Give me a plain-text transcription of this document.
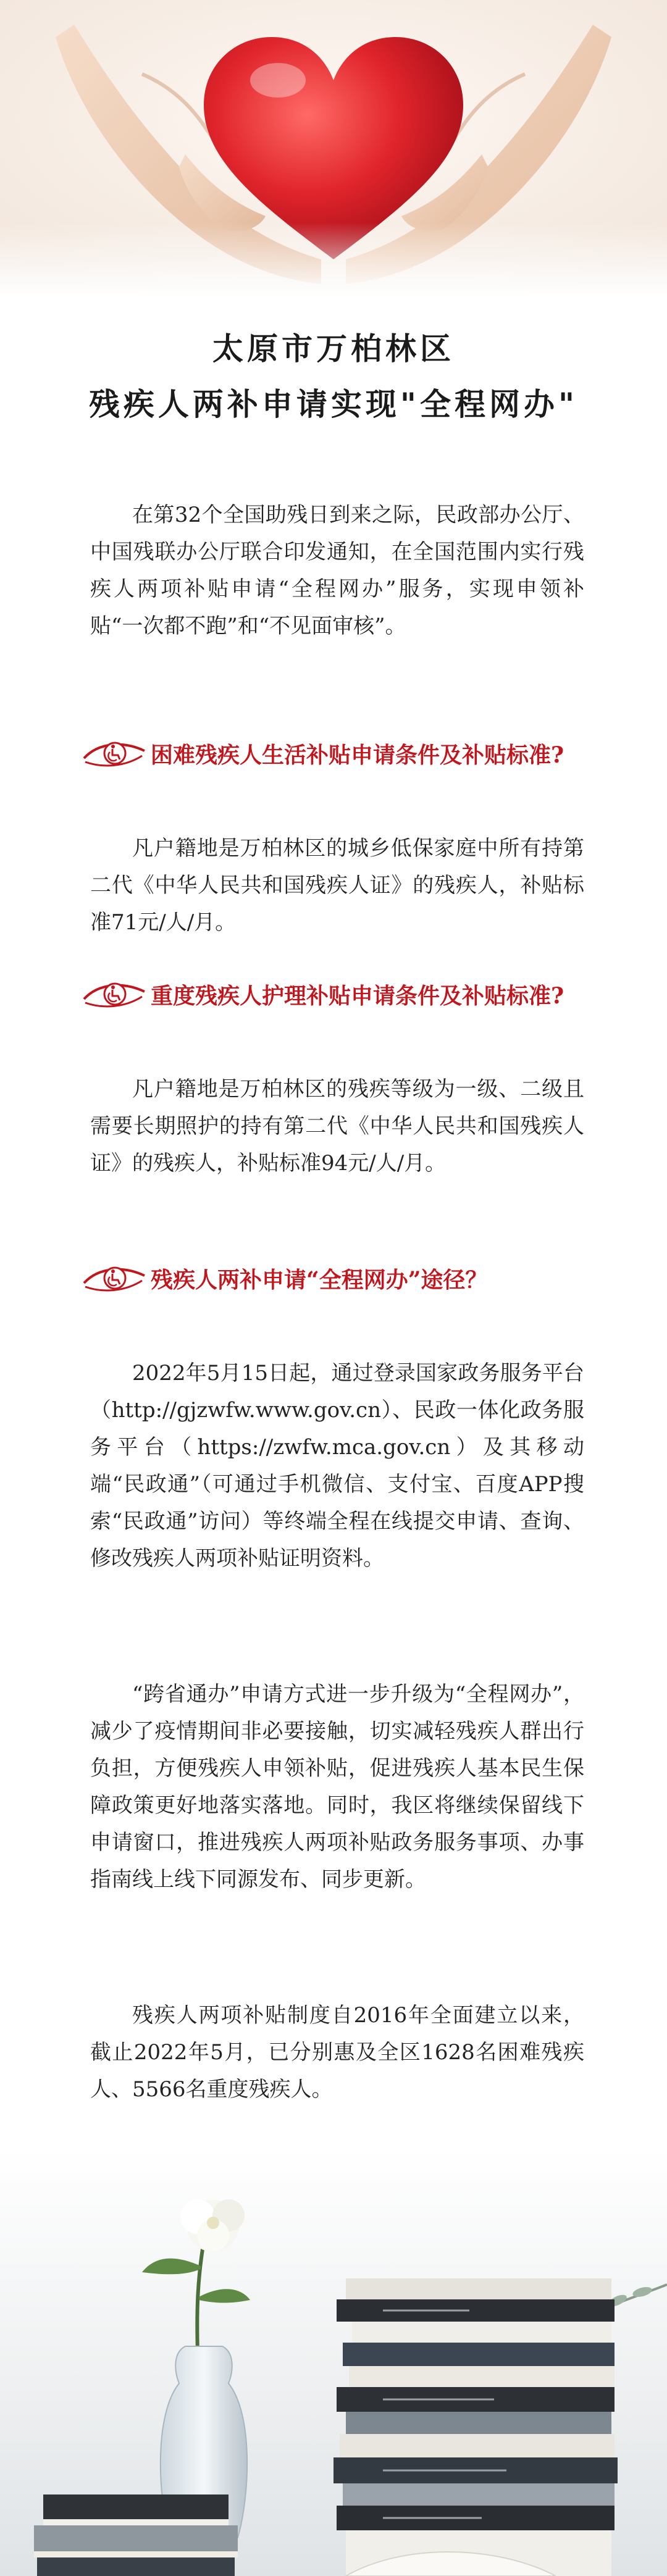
太原市万柏林区
残疾人两补申请实现"全程网办"

在第32个全国助残日到来之际，民政部办公厅、中国残联办公厅联合印发通知，在全国范围内实行残疾人两项补贴申请“全程网办”服务，实现申领补贴“一次都不跑”和“不见面审核”。

困难残疾人生活补贴申请条件及补贴标准?

凡户籍地是万柏林区的城乡低保家庭中所有持第二代《中华人民共和国残疾人证》的残疾人，补贴标准71元/人/月。

重度残疾人护理补贴申请条件及补贴标准?

凡户籍地是万柏林区的残疾等级为一级、二级且需要长期照护的持有第二代《中华人民共和国残疾人证》的残疾人，补贴标准94元/人/月。

残疾人两补申请“全程网办”途径？

2022年5月15日起，通过登录国家政务服务平台（http://gjzwfw.www.gov.cn）、民政一体化政务服务平台（https://zwfw.mca.gov.cn）及其移动端“民政通”（可通过手机微信、支付宝、百度APP搜索“民政通”访问）等终端全程在线提交申请、查询、修改残疾人两项补贴证明资料。

“跨省通办”申请方式进一步升级为“全程网办”，减少了疫情期间非必要接触，切实减轻残疾人群出行负担，方便残疾人申领补贴，促进残疾人基本民生保障政策更好地落实落地。同时，我区将继续保留线下申请窗口，推进残疾人两项补贴政务服务事项、办事指南线上线下同源发布、同步更新。

残疾人两项补贴制度自2016年全面建立以来，截止2022年5月，已分别惠及全区1628名困难残疾人、5566名重度残疾人。
